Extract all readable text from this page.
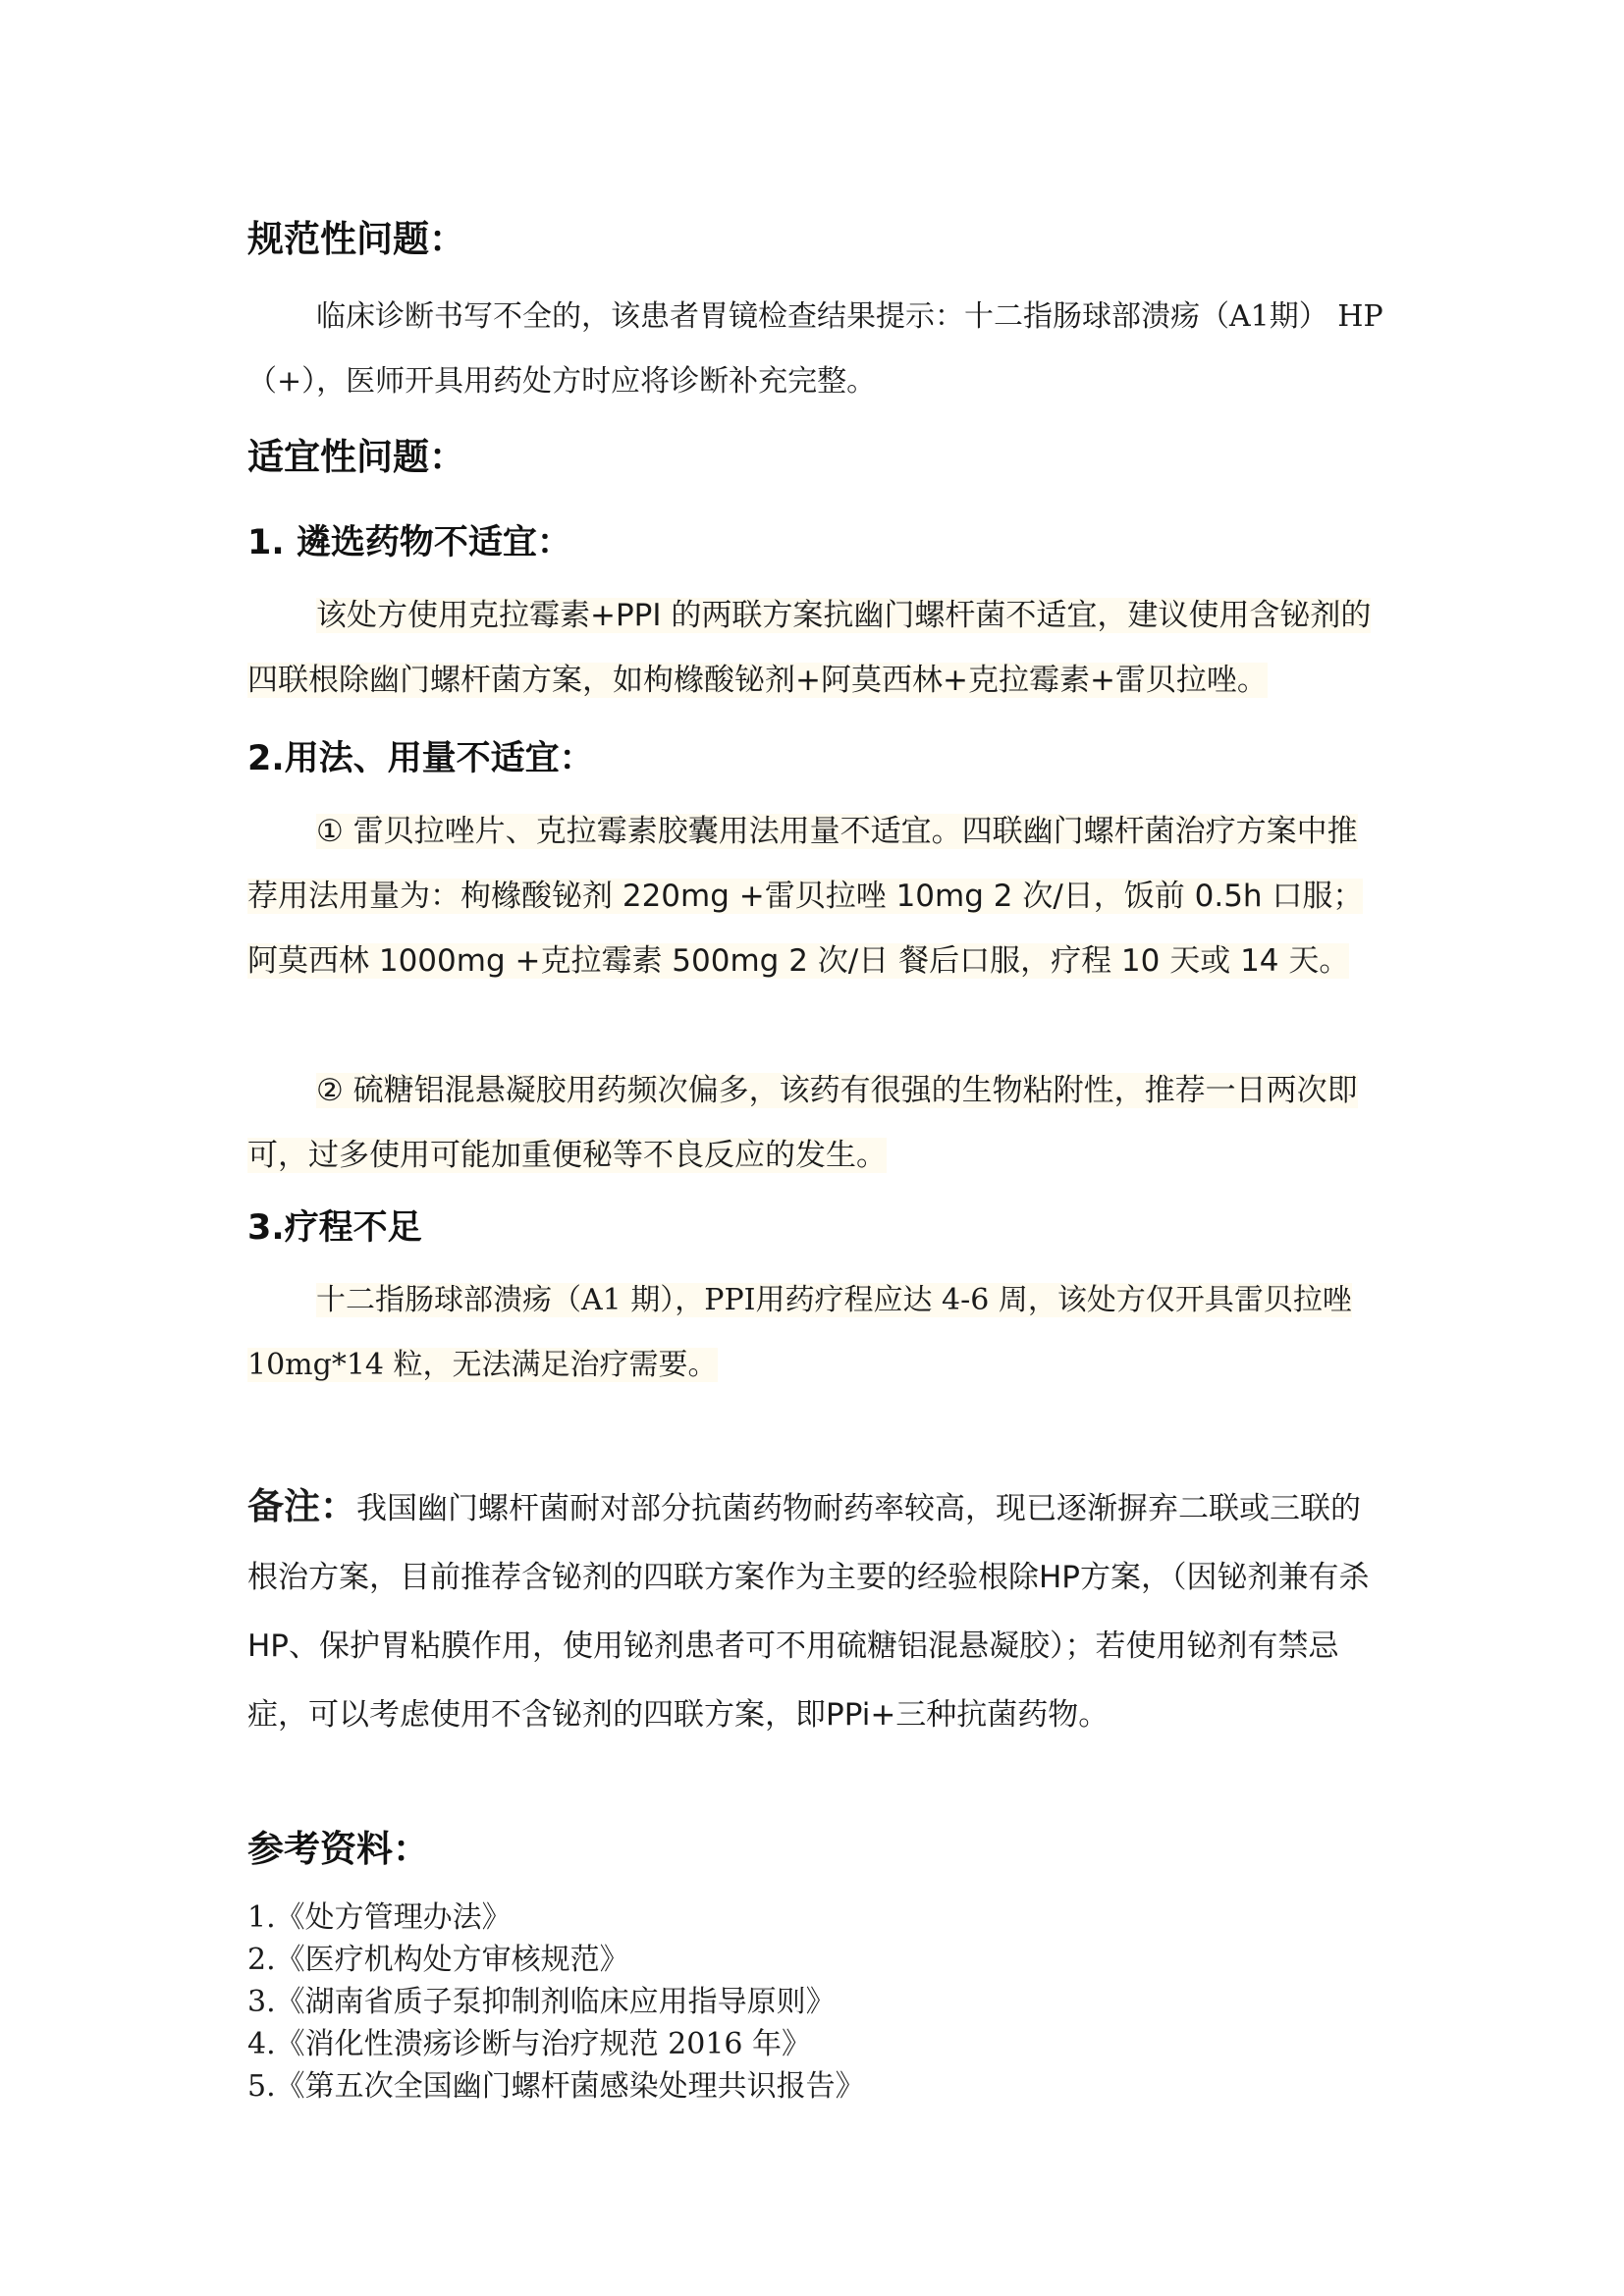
规范性问题：
临床诊断书写不全的，该患者胃镜检查结果提示：十二指肠球部溃疡（A1期） HP（+），医师开具用药处方时应将诊断补充完整。
适宜性问题：
1. 遴选药物不适宜：
该处方使用克拉霉素+PPI 的两联方案抗幽门螺杆菌不适宜，建议使用含铋剂的四联根除幽门螺杆菌方案，如枸橼酸铋剂+阿莫西林+克拉霉素+雷贝拉唑。
2.用法、用量不适宜：
① 雷贝拉唑片、克拉霉素胶囊用法用量不适宜。四联幽门螺杆菌治疗方案中推荐用法用量为：枸橼酸铋剂 220mg +雷贝拉唑 10mg 2 次/日，饭前 0.5h 口服；阿莫西林 1000mg +克拉霉素 500mg 2 次/日 餐后口服，疗程 10 天或 14 天。
② 硫糖铝混悬凝胶用药频次偏多，该药有很强的生物粘附性，推荐一日两次即可，过多使用可能加重便秘等不良反应的发生。
3.疗程不足
十二指肠球部溃疡（A1 期），PPI用药疗程应达 4-6 周，该处方仅开具雷贝拉唑 10mg*14 粒，无法满足治疗需要。
备注：我国幽门螺杆菌耐对部分抗菌药物耐药率较高，现已逐渐摒弃二联或三联的根治方案，目前推荐含铋剂的四联方案作为主要的经验根除HP方案，（因铋剂兼有杀HP、保护胃粘膜作用，使用铋剂患者可不用硫糖铝混悬凝胶）；若使用铋剂有禁忌症，可以考虑使用不含铋剂的四联方案，即PPi+三种抗菌药物。
参考资料：
1.《处方管理办法》
2.《医疗机构处方审核规范》
3.《湖南省质子泵抑制剂临床应用指导原则》
4.《消化性溃疡诊断与治疗规范 2016 年》
5.《第五次全国幽门螺杆菌感染处理共识报告》
